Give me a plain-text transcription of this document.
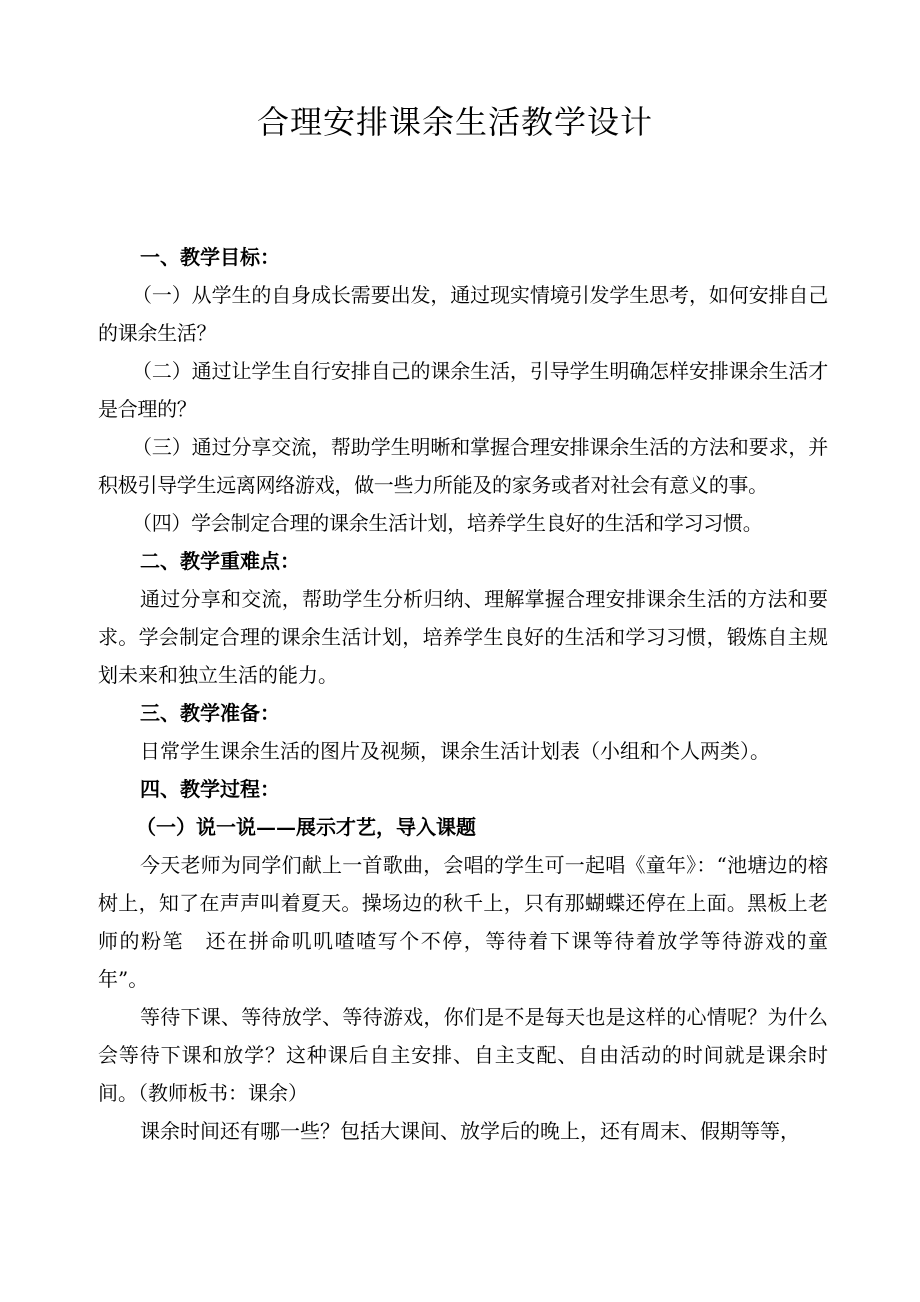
合理安排课余生活教学设计

一、教学目标：

（一）从学生的自身成长需要出发，通过现实情境引发学生思考，如何安排自己的课余生活？

（二）通过让学生自行安排自己的课余生活，引导学生明确怎样安排课余生活才是合理的？

（三）通过分享交流，帮助学生明晰和掌握合理安排课余生活的方法和要求，并积极引导学生远离网络游戏，做一些力所能及的家务或者对社会有意义的事。

（四）学会制定合理的课余生活计划，培养学生良好的生活和学习习惯。

二、教学重难点：

通过分享和交流，帮助学生分析归纳、理解掌握合理安排课余生活的方法和要求。学会制定合理的课余生活计划，培养学生良好的生活和学习习惯，锻炼自主规划未来和独立生活的能力。

三、教学准备：

日常学生课余生活的图片及视频，课余生活计划表（小组和个人两类）。

四、教学过程：

（一）说一说——展示才艺，导入课题

今天老师为同学们献上一首歌曲，会唱的学生可一起唱《童年》：“池塘边的榕树上，知了在声声叫着夏天。操场边的秋千上，只有那蝴蝶还停在上面。黑板上老师的粉笔　还在拼命叽叽喳喳写个不停，等待着下课等待着放学等待游戏的童年”。

等待下课、等待放学、等待游戏，你们是不是每天也是这样的心情呢？为什么会等待下课和放学？这种课后自主安排、自主支配、自由活动的时间就是课余时间。（教师板书：课余）

课余时间还有哪一些？包括大课间、放学后的晚上，还有周末、假期等等，
